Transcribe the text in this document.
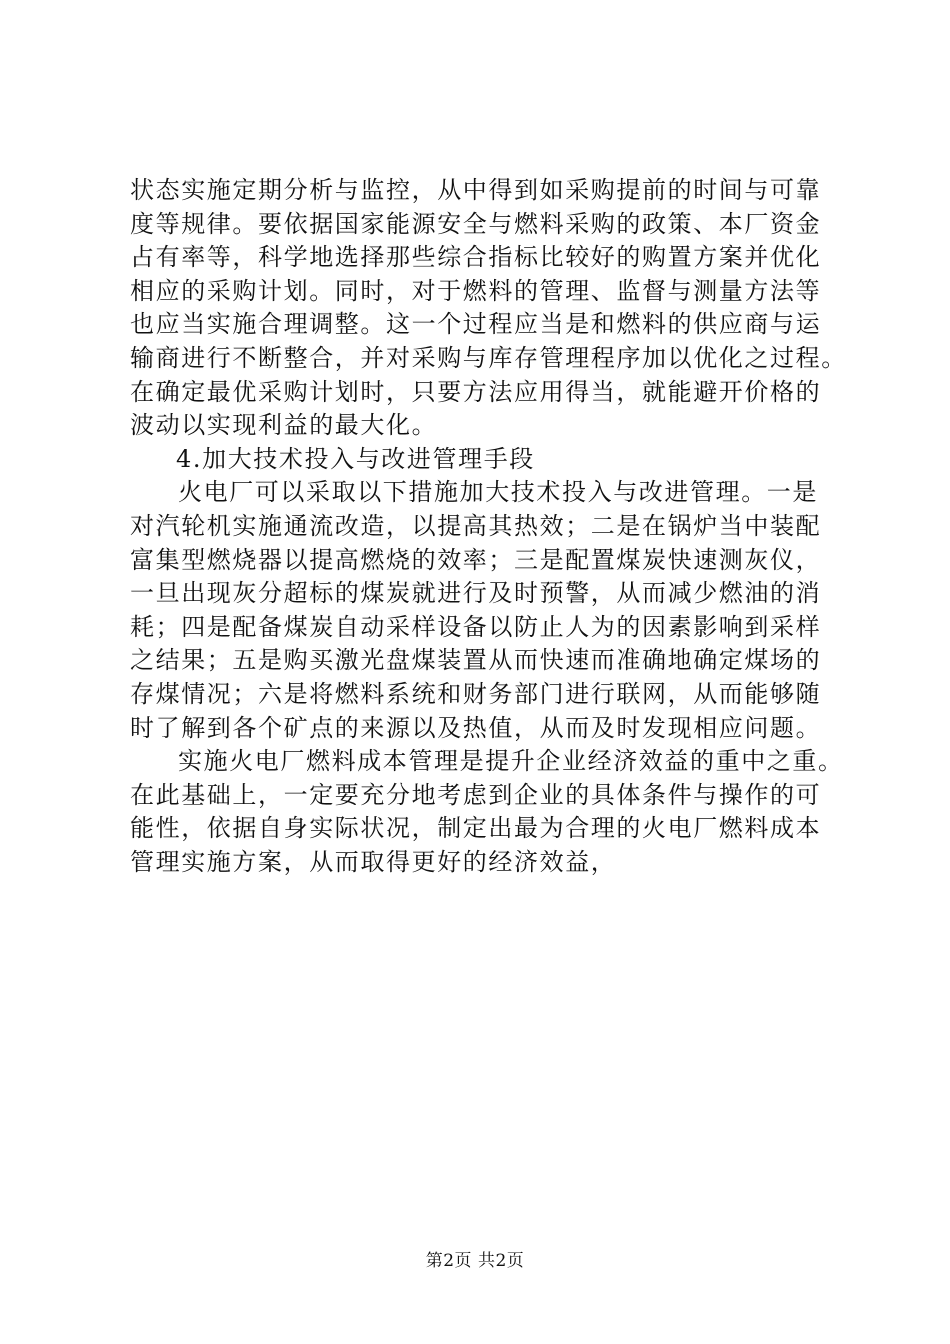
状态实施定期分析与监控，从中得到如采购提前的时间与可靠
度等规律。要依据国家能源安全与燃料采购的政策、本厂资金
占有率等，科学地选择那些综合指标比较好的购置方案并优化
相应的采购计划。同时，对于燃料的管理、监督与测量方法等
也应当实施合理调整。这一个过程应当是和燃料的供应商与运
输商进行不断整合，并对采购与库存管理程序加以优化之过程。
在确定最优采购计划时，只要方法应用得当，就能避开价格的
波动以实现利益的最大化。
4.加大技术投入与改进管理手段
火电厂可以采取以下措施加大技术投入与改进管理。一是
对汽轮机实施通流改造，以提高其热效；二是在锅炉当中装配
富集型燃烧器以提高燃烧的效率；三是配置煤炭快速测灰仪，
一旦出现灰分超标的煤炭就进行及时预警，从而减少燃油的消
耗；四是配备煤炭自动采样设备以防止人为的因素影响到采样
之结果；五是购买激光盘煤装置从而快速而准确地确定煤场的
存煤情况；六是将燃料系统和财务部门进行联网，从而能够随
时了解到各个矿点的来源以及热值，从而及时发现相应问题。
实施火电厂燃料成本管理是提升企业经济效益的重中之重。
在此基础上，一定要充分地考虑到企业的具体条件与操作的可
能性，依据自身实际状况，制定出最为合理的火电厂燃料成本
管理实施方案，从而取得更好的经济效益，
第2页 共2页
